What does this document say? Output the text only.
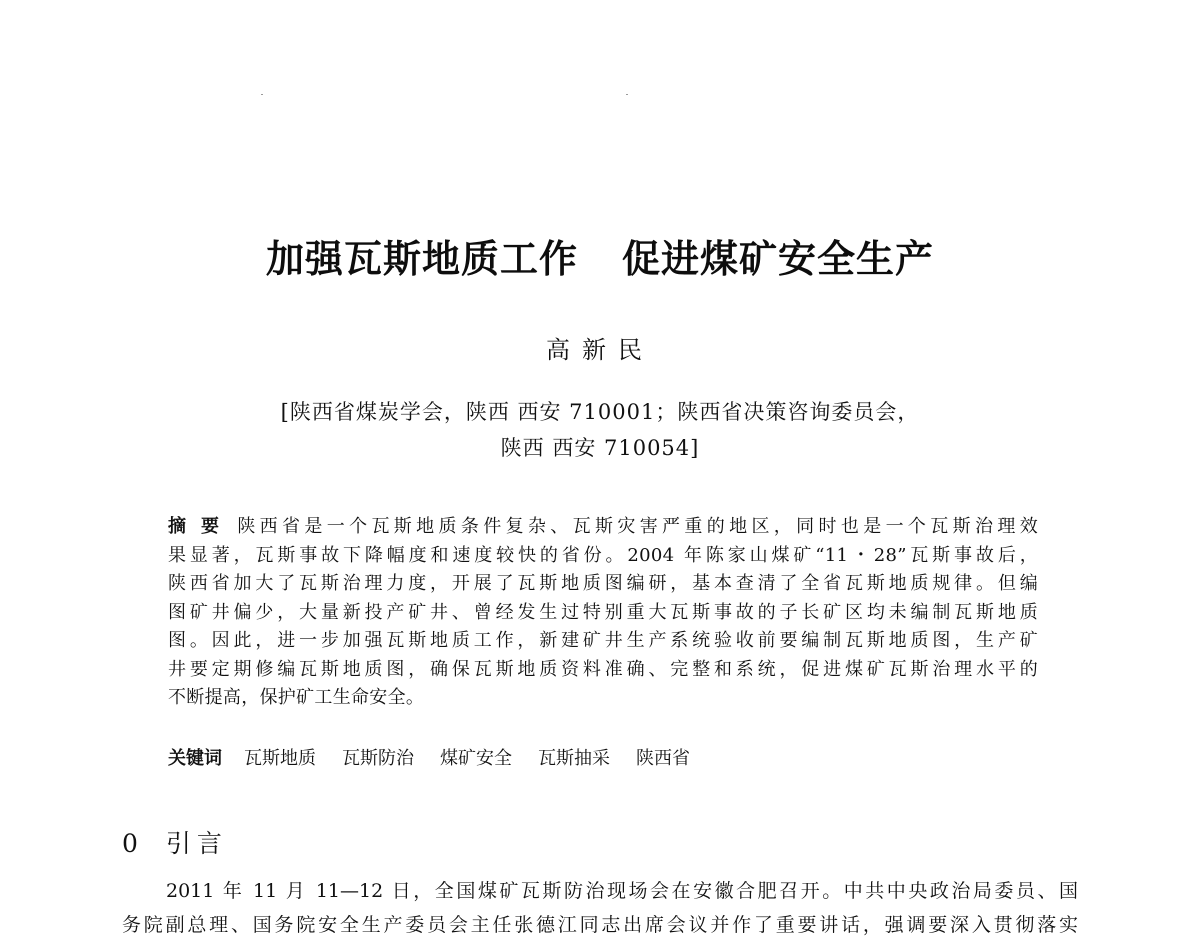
加强瓦斯地质工作 促进煤矿安全生产
高新民
[陕西省煤炭学会，陕西 西安 710001；陕西省决策咨询委员会，
陕西 西安 710054]
摘 要 陕西省是一个瓦斯地质条件复杂、瓦斯灾害严重的地区，同时也是一个瓦斯治理效
果显著，瓦斯事故下降幅度和速度较快的省份。2004 年陈家山煤矿“11・28”瓦斯事故后，
陕西省加大了瓦斯治理力度，开展了瓦斯地质图编研，基本查清了全省瓦斯地质规律。但编
图矿井偏少，大量新投产矿井、曾经发生过特别重大瓦斯事故的子长矿区均未编制瓦斯地质
图。因此，进一步加强瓦斯地质工作，新建矿井生产系统验收前要编制瓦斯地质图，生产矿
井要定期修编瓦斯地质图，确保瓦斯地质资料准确、完整和系统，促进煤矿瓦斯治理水平的
不断提高，保护矿工生命安全。
关键词 瓦斯地质 瓦斯防治 煤矿安全 瓦斯抽采 陕西省
0 引言

2011 年 11 月 11—12 日，全国煤矿瓦斯防治现场会在安徽合肥召开。中共中央政治局委员、国

务院副总理、国务院安全生产委员会主任张德江同志出席会议并作了重要讲话，强调要深入贯彻落实
